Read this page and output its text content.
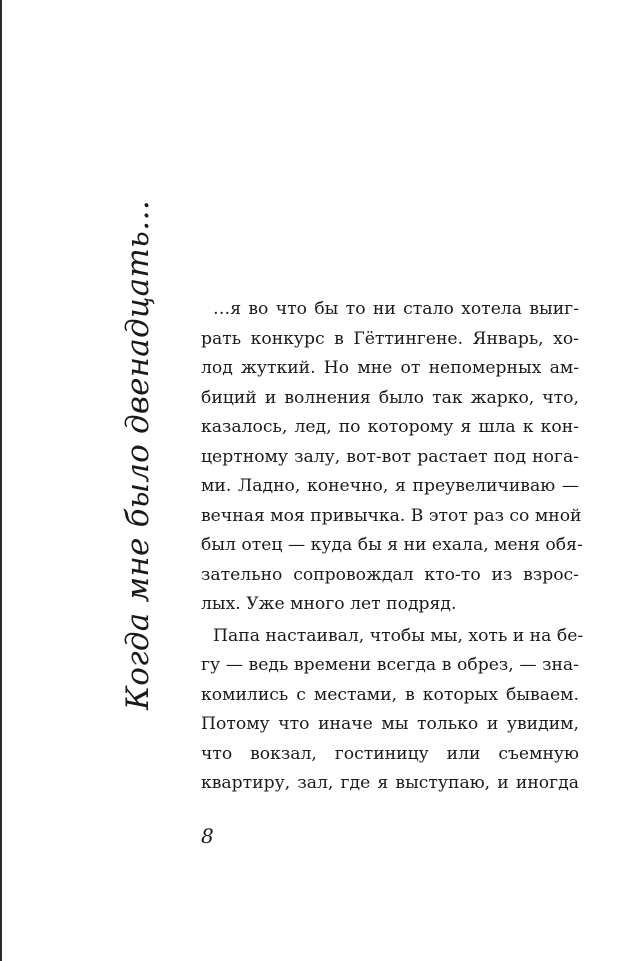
Когда мне было двенадцать…	…я во что бы то ни стало хотела выиг-
рать конкурс в Гёттингене. Январь, хо-
лод жуткий. Но мне от непомерных ам-
биций и волнения было так жарко, что,
казалось, лед, по которому я шла к кон-
цертному залу, вот-вот растает под нога-
ми. Ладно, конечно, я преувеличиваю —
вечная моя привычка. В этот раз со мной
был отец — куда бы я ни ехала, меня обя-
зательно сопровождал кто-то из взрос-
лых. Уже много лет подряд.
Папа настаивал, чтобы мы, хоть и на бе-
гу — ведь времени всегда в обрез, — зна-
комились с местами, в которых бываем.
Потому что иначе мы только и увидим,
что вокзал, гостиницу или съемную
квартиру, зал, где я выступаю, и иногда
8
